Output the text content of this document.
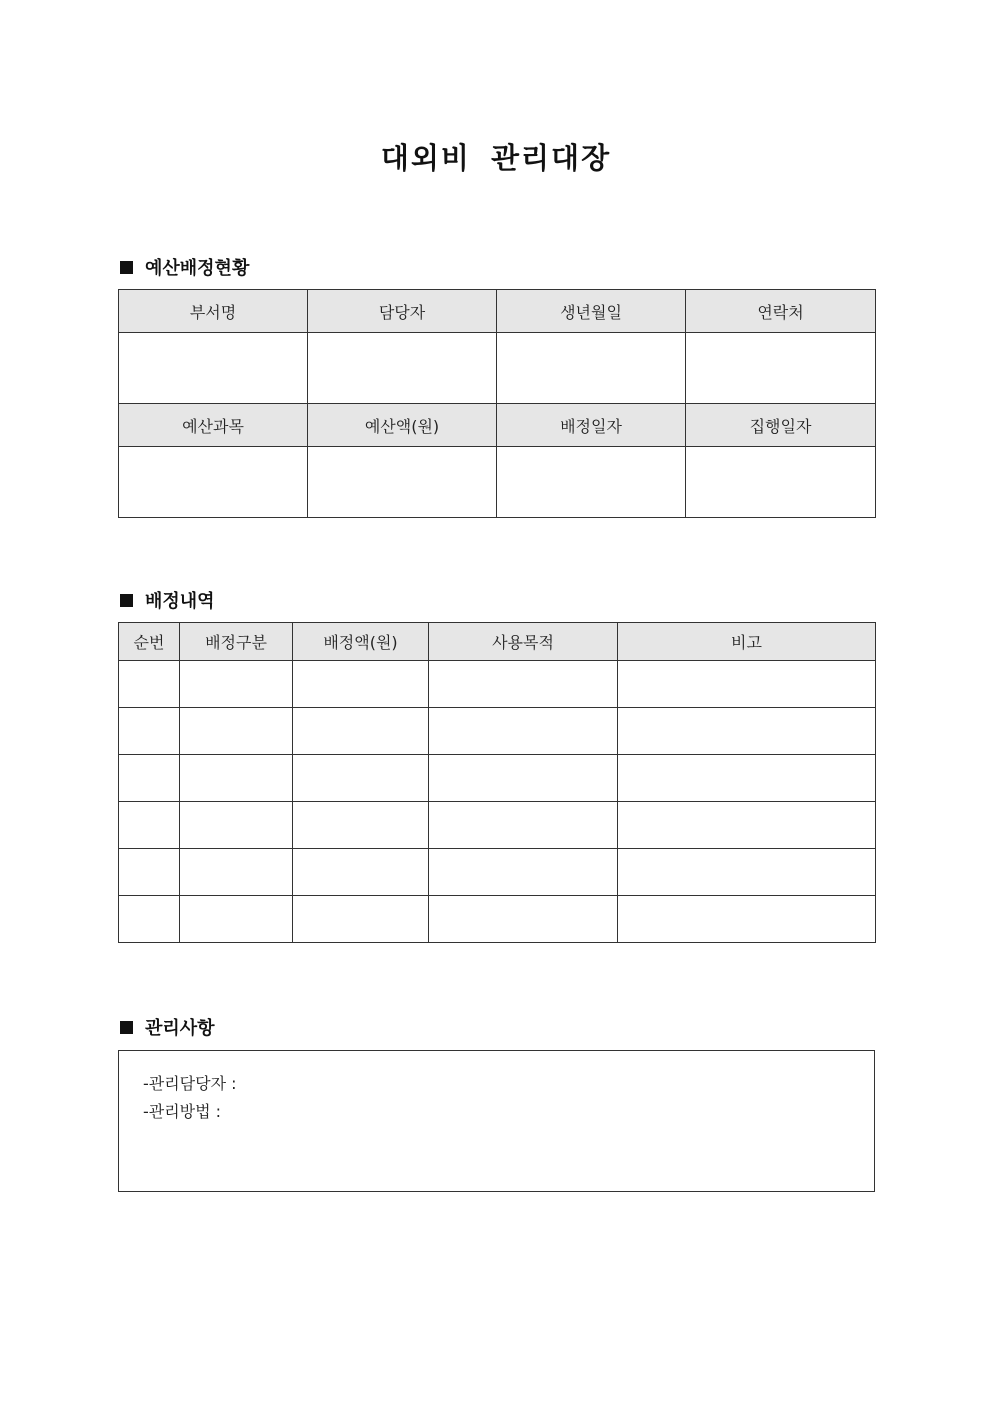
대외비 관리대장
예산배정현황
부서명	담당자	생년월일	연락처

예산과목	예산액(원)	배정일자	집행일자

배정내역
순번	배정구분	배정액(원)	사용목적	비고

관리사항
-관리담당자 :
-관리방법 :
